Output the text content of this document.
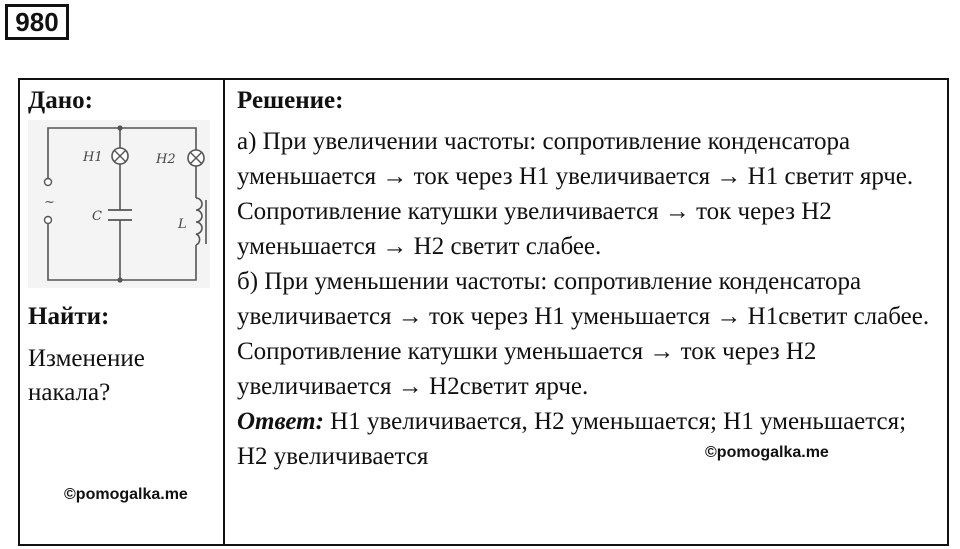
980
Дано:
~
H1	H2
C
L
Найти:
Изменение
накала?
©pomogalka.me
Решение:

а) При увеличении частоты: сопротивление конденсатора уменьшается → ток через H1 увеличивается → H1 светит ярче. Сопротивление катушки увеличивается → ток через H2 уменьшается → H2 светит слабее.

б) При уменьшении частоты: сопротивление конденсатора увеличивается → ток через H1 уменьшается → H1светит слабее. Сопротивление катушки уменьшается → ток через H2 увеличивается → H2светит ярче.

Ответ: H1 увеличивается, H2 уменьшается; H1 уменьшается; H2 увеличивается	©pomogalka.me
